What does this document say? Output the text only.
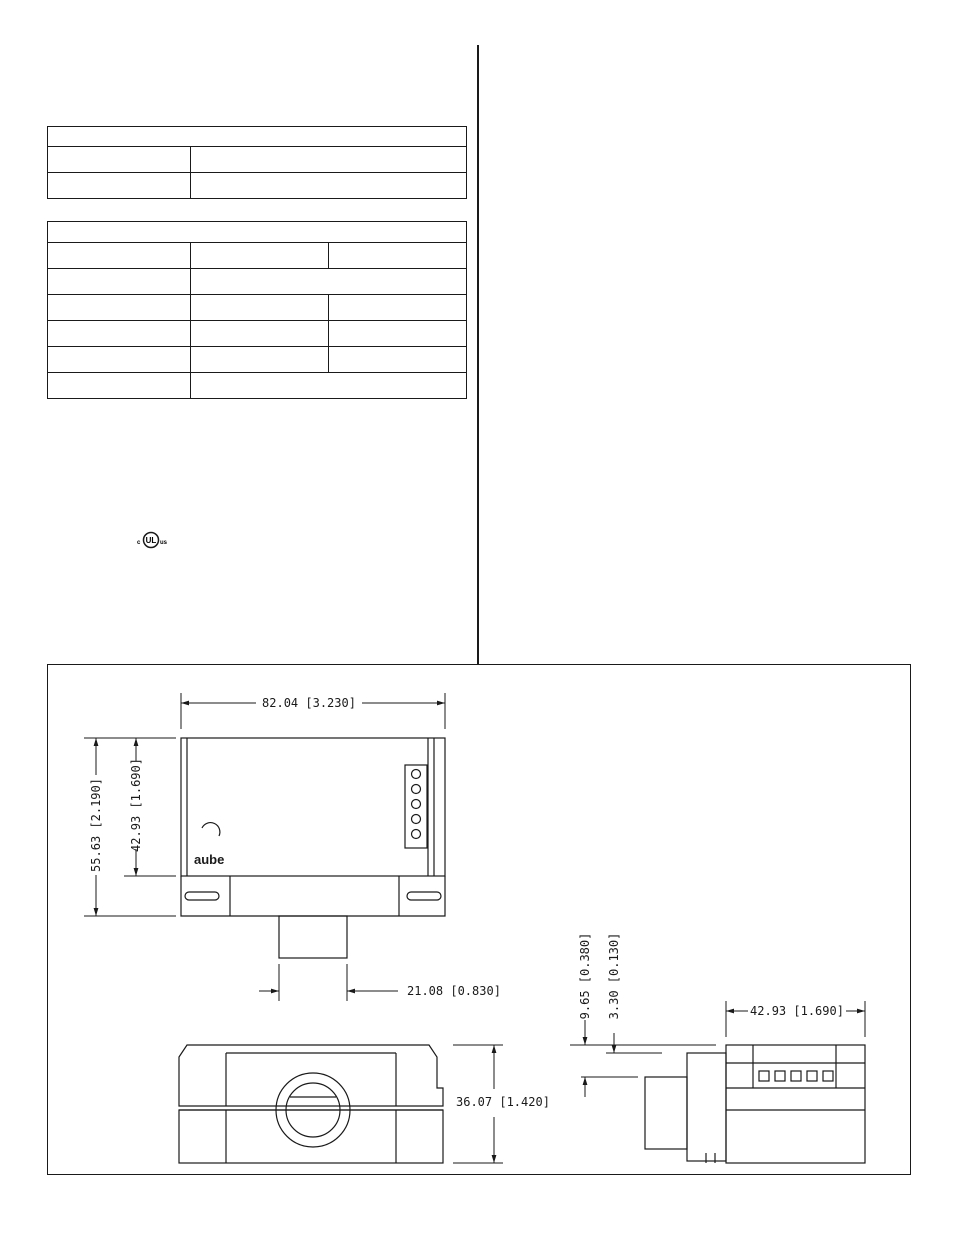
c UL us
aube
82.04 [3.230]
55.63 [2.190] 42.93 [1.690]
21.08 [0.830]
36.07 [1.420]
42.93 [1.690]
9.65 [0.380] 3.30 [0.130]
